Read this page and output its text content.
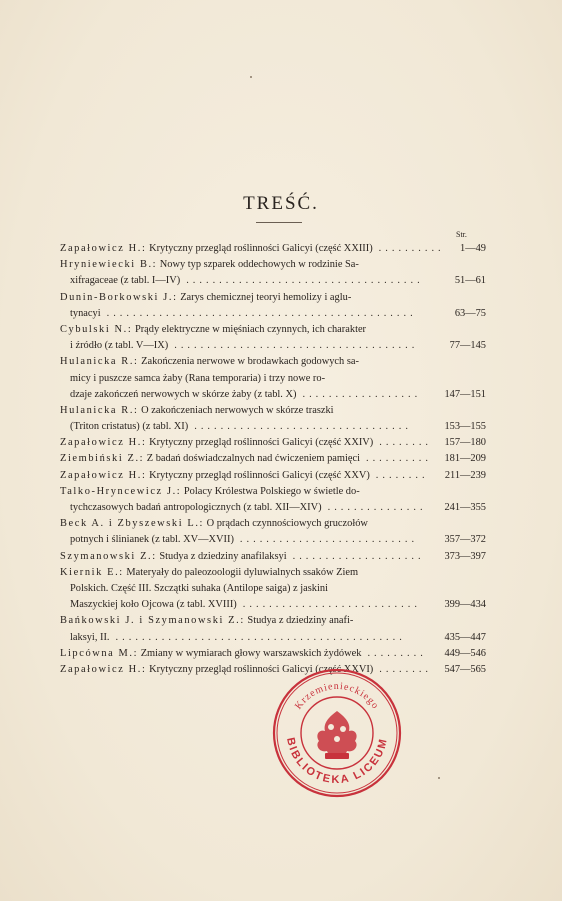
TREŚĆ.
Str.
Zapałowicz H.: Krytyczny przegląd roślinności Galicyi (część XXIII) .......... 1—49
Hryniewiecki B.: Nowy typ szparek oddechowych w rodzinie Sa-
xifragaceae (z tabl. I—IV) ....................................	51—61
Dunin-Borkowski J.: Zarys chemicznej teoryi hemolizy i aglu-
tynacyi ...............................................	63—75
Cybulski N.: Prądy elektryczne w mięśniach czynnych, ich charakter
i źródło (z tabl. V—IX) .....................................	77—145
Hulanicka R.: Zakończenia nerwowe w brodawkach godowych sa-
micy i puszcze samca żaby (Rana temporaria) i trzy nowe ro-
dzaje zakończeń nerwowych w skórze żaby (z tabl. X) .................. 147—151
Hulanicka R.: O zakończeniach nerwowych w skórze traszki
(Triton cristatus) (z tabl. XI) .................................	153—155
Zapałowicz H.: Krytyczny przegląd roślinności Galicyi (część XXIV) ........ 157—180
Ziembiński Z.: Z badań doświadczalnych nad ćwiczeniem pamięci .......... 181—209
Zapałowicz H.: Krytyczny przegląd roślinności Galicyi (część XXV) ........ 211—239
Talko-Hryncewicz J.: Polacy Królestwa Polskiego w świetle do-
tychczasowych badań antropologicznych (z tabl. XII—XIV) ............... 241—355
Beck A. i Zbyszewski L.: O prądach czynnościowych gruczołów
potnych i ślinianek (z tabl. XV—XVII) ...........................	357—372
Szymanowski Z.: Studya z dziedziny anafilaksyi .................... 373—397
Kiernik E.: Materyały do paleozoologii dyluwialnych ssaków Ziem
Polskich. Część III. Szczątki suhaka (Antilope saiga) z jaskini
Maszyckiej koło Ojcowa (z tabl. XVIII) ........................... 399—434
Bańkowski J. i Szymanowski Z.: Studya z dziedziny anafi-
laksyi, II. ............................................	435—447
Lipcówna M.: Zmiany w wymiarach głowy warszawskich żydówek ......... 449—546
Zapałowicz H.: Krytyczny przegląd roślinności Galicyi (część XXVI) ........ 547—565
Krzemienieckiego
BIBLIOTEKA LICEUM
